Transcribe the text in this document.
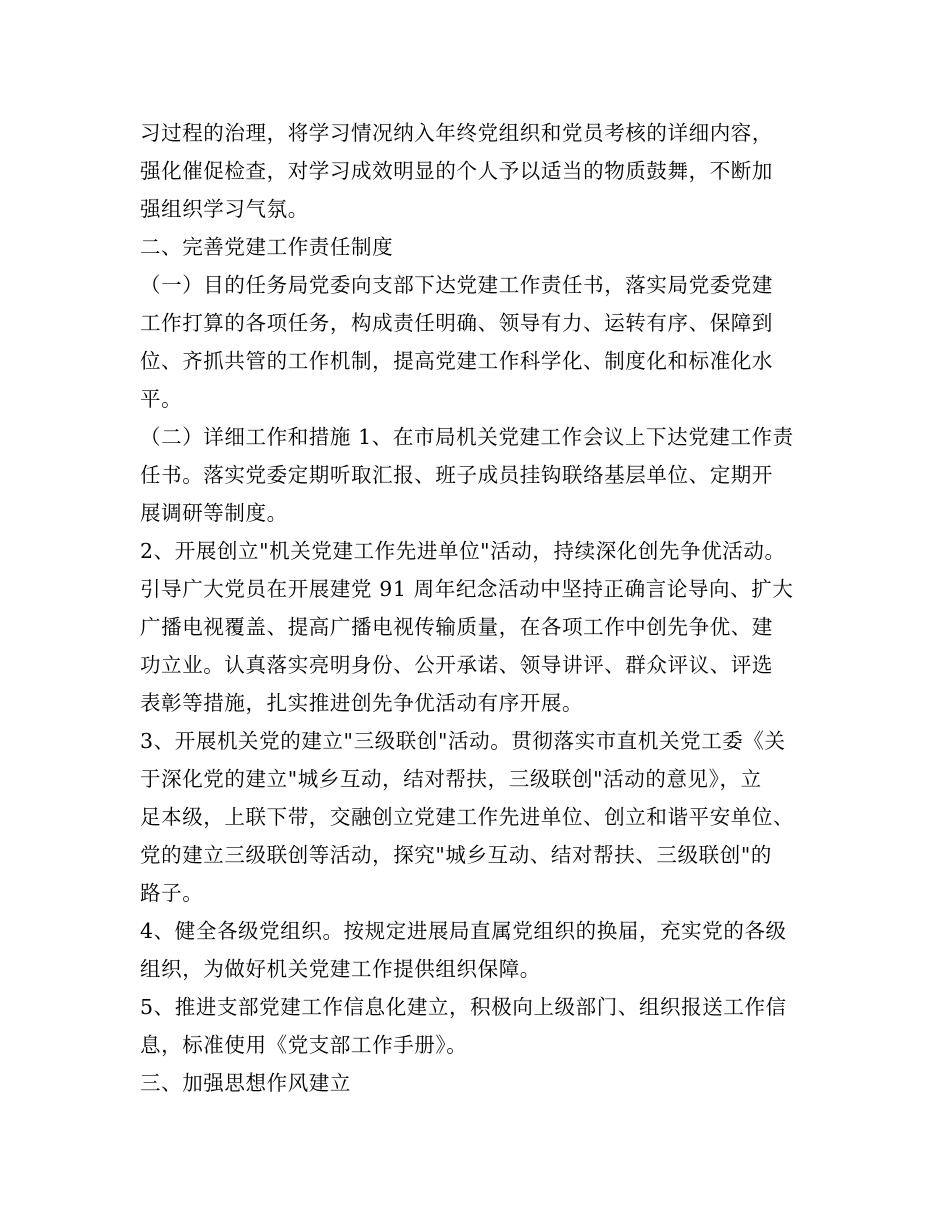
习过程的治理，将学习情况纳入年终党组织和党员考核的详细内容，
强化催促检查，对学习成效明显的个人予以适当的物质鼓舞，不断加
强组织学习气氛。
二、完善党建工作责任制度
（一）目的任务局党委向支部下达党建工作责任书，落实局党委党建
工作打算的各项任务，构成责任明确、领导有力、运转有序、保障到
位、齐抓共管的工作机制，提高党建工作科学化、制度化和标准化水
平。
（二）详细工作和措施 1、在市局机关党建工作会议上下达党建工作责
任书。落实党委定期听取汇报、班子成员挂钩联络基层单位、定期开
展调研等制度。
2、开展创立"机关党建工作先进单位"活动，持续深化创先争优活动。
引导广大党员在开展建党 91 周年纪念活动中坚持正确言论导向、扩大
广播电视覆盖、提高广播电视传输质量，在各项工作中创先争优、建
功立业。认真落实亮明身份、公开承诺、领导讲评、群众评议、评选
表彰等措施，扎实推进创先争优活动有序开展。
3、开展机关党的建立"三级联创"活动。贯彻落实市直机关党工委《关
于深化党的建立"城乡互动，结对帮扶，三级联创"活动的意见》，立
足本级，上联下带，交融创立党建工作先进单位、创立和谐平安单位、
党的建立三级联创等活动，探究"城乡互动、结对帮扶、三级联创"的
路子。
4、健全各级党组织。按规定进展局直属党组织的换届，充实党的各级
组织，为做好机关党建工作提供组织保障。
5、推进支部党建工作信息化建立，积极向上级部门、组织报送工作信
息，标准使用《党支部工作手册》。
三、加强思想作风建立
